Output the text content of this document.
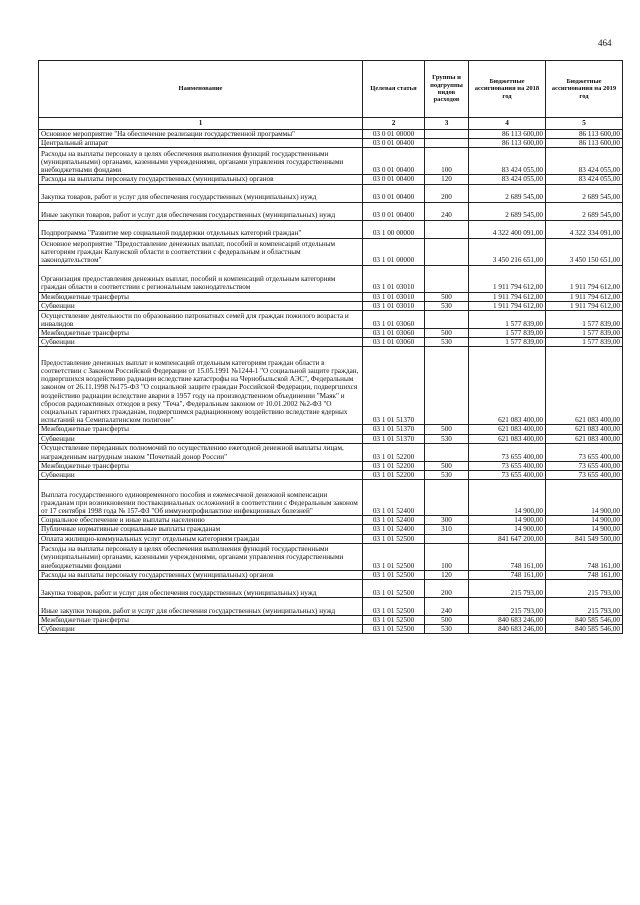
464
Наименование	Целевая статья	Группы и подгруппы видов расходов	Бюджетные ассигнования на 2018 год	Бюджетные ассигнования на 2019 год
1	2	3	4	5
Основное мероприятие "На обеспечение реализации государственной программы"	03 0 01 00000		86 113 600,00	86 113 600,00
Центральный аппарат	03 0 01 00400		86 113 600,00	86 113 600,00
Расходы на выплаты персоналу в целях обеспечения выполнения функций государственными (муниципальными) органами, казенными учреждениями, органами управления государственными внебюджетными фондами	03 0 01 00400	100	83 424 055,00	83 424 055,00
Расходы на выплаты персоналу государственных (муниципальных) органов	03 0 01 00400	120	83 424 055,00	83 424 055,00
Закупка товаров, работ и услуг для обеспечения государственных (муниципальных) нужд	03 0 01 00400	200	2 689 545,00	2 689 545,00
Иные закупки товаров, работ и услуг для обеспечения государственных (муниципальных) нужд	03 0 01 00400	240	2 689 545,00	2 689 545,00
Подпрограмма "Развитие мер социальной поддержки отдельных категорий граждан"	03 1 00 00000		4 322 400 091,00	4 322 334 091,00
Основное мероприятие "Предоставление денежных выплат, пособий и компенсаций отдельным категориям граждан Калужской области в соответствии с федеральным и областным законодательством"	03 1 01 00000		3 450 216 651,00	3 450 150 651,00
Организация предоставления денежных выплат, пособий и компенсаций отдельным категориям граждан области в соответствии с региональным законодательством	03 1 01 03010		1 911 794 612,00	1 911 794 612,00
Межбюджетные трансферты	03 1 01 03010	500	1 911 794 612,00	1 911 794 612,00
Субвенции	03 1 01 03010	530	1 911 794 612,00	1 911 794 612,00
Осуществление деятельности по образованию патронатных семей для граждан пожилого возраста и инвалидов	03 1 01 03060		1 577 839,00	1 577 839,00
Межбюджетные трансферты	03 1 01 03060	500	1 577 839,00	1 577 839,00
Субвенции	03 1 01 03060	530	1 577 839,00	1 577 839,00
Предоставление денежных выплат и компенсаций отдельным категориям граждан области в соответствии с Законом Российской Федерации от 15.05.1991 №1244-1 "О социальной защите граждан, подвергшихся воздействию радиации вследствие катастрофы на Чернобыльской АЭС", Федеральным законом от 26.11.1998 №175-ФЗ "О социальной защите граждан Российской Федерации, подвергшихся воздействию радиации вследствие аварии в 1957 году на производственном объединении "Маяк" и сбросов радиоактивных отходов в реку "Теча", Федеральным законом от 10.01.2002 №2-ФЗ "О социальных гарантиях гражданам, подвергшимся радиационному воздействию вследствие ядерных испытаний на Семипалатинском полигоне"	03 1 01 51370		621 083 400,00	621 083 400,00
Межбюджетные трансферты	03 1 01 51370	500	621 083 400,00	621 083 400,00
Субвенции	03 1 01 51370	530	621 083 400,00	621 083 400,00
Осуществление переданных полномочий по осуществлению ежегодной денежной выплаты лицам, награжденным нагрудным знаком "Почетный донор России"	03 1 01 52200		73 655 400,00	73 655 400,00
Межбюджетные трансферты	03 1 01 52200	500	73 655 400,00	73 655 400,00
Субвенции	03 1 01 52200	530	73 655 400,00	73 655 400,00
Выплата государственного единовременного пособия и ежемесячной денежной компенсации гражданам при возникновении поствакцинальных осложнений в соответствии с Федеральным законом от 17 сентября 1998 года № 157-ФЗ "Об иммунопрофилактике инфекционных болезней"	03 1 01 52400		14 900,00	14 900,00
Социальное обеспечение и иные выплаты населению	03 1 01 52400	300	14 900,00	14 900,00
Публичные нормативные социальные выплаты гражданам	03 1 01 52400	310	14 900,00	14 900,00
Оплата жилищно-коммунальных услуг отдельным категориям граждан	03 1 01 52500		841 647 200,00	841 549 500,00
Расходы на выплаты персоналу в целях обеспечения выполнения функций государственными (муниципальными) органами, казенными учреждениями, органами управления государственными внебюджетными фондами	03 1 01 52500	100	748 161,00	748 161,00
Расходы на выплаты персоналу государственных (муниципальных) органов	03 1 01 52500	120	748 161,00	748 161,00
Закупка товаров, работ и услуг для обеспечения государственных (муниципальных) нужд	03 1 01 52500	200	215 793,00	215 793,00
Иные закупки товаров, работ и услуг для обеспечения государственных (муниципальных) нужд	03 1 01 52500	240	215 793,00	215 793,00
Межбюджетные трансферты	03 1 01 52500	500	840 683 246,00	840 585 546,00
Субвенции	03 1 01 52500	530	840 683 246,00	840 585 546,00
